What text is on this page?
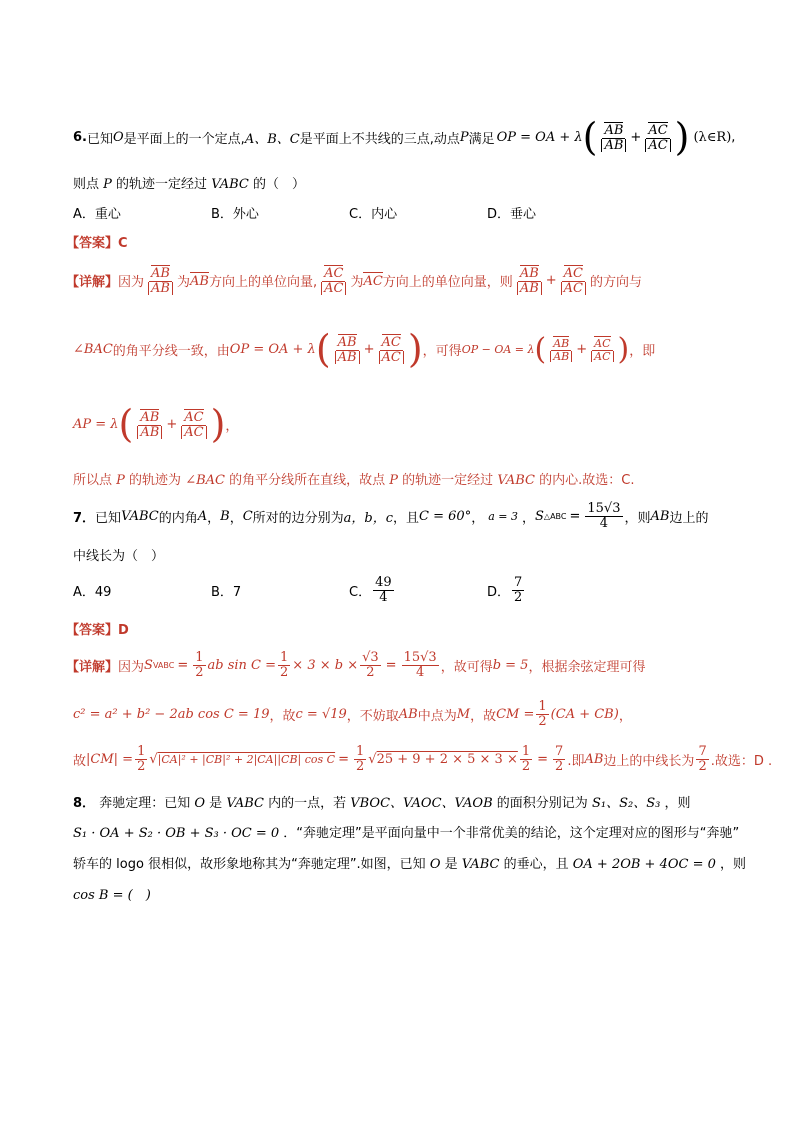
6. 已知 O 是平面上的一个定点, A、B、C 是平面上不共线的三点,动点 P 满足 OP = OA + λ ( $\frac{AB}{AB} + \frac{AC}{AC}$ ) (λ∈R) ,
则点 P 的轨迹一定经过 VABC 的（　）
A．重心	B．外心	C．内心	D．垂心
【答案】C
【详解】 因为 $\frac{AB}{AB}$ 为 AB 方向上的单位向量, $\frac{AC}{AC}$ 为 AC 方向上的单位向量，则 $\frac{AB}{AB} + \frac{AC}{AC}$ 的方向与
∠BAC 的角平分线一致，由 OP = OA + λ ( $\frac{AB}{AB} + \frac{AC}{AC}$ ) ，可得 OP − OA = λ ( $\frac{AB}{AB} + \frac{AC}{AC}$ ) ，即
AP = λ ( $\frac{AB}{AB} + \frac{AC}{AC}$ ) ，
所以点 P 的轨迹为 ∠BAC 的角平分线所在直线，故点 P 的轨迹一定经过 VABC 的内心.故选：C.
7． 已知 VABC 的内角 A ， B ， C 所对的边分别为 a，b，c ，且 C = 60° ， a = 3 ， S △ABC = $\frac{15√3}{4}$ ，则 AB 边上的
中线长为（　）
A．49	B．7	C． $\frac{49}{4}$	D． $\frac{7}{2}$
【答案】D
【详解】 因为 S VABC = $\frac{1}{2}$ ab $\sin C = \frac{1}{2} \times 3 \times b \times \frac{√3}{2} = \frac{15√3}{4}$ ，故可得 b = 5 ，根据余弦定理可得
c² = a² + b² − 2ab cos C = 19 ，故 c = √19 ，不妨取 AB 中点为 M ，故 CM = $\frac{1}{2} (CA + CB)$ ，
故 $|CM| = \frac{1}{2}$ √ |CA|² + |CB|² + 2|CA||CB| $\cos C = \frac{1}{2}$ √ $25 + 9 + 2 \times 5 \times 3 \times \frac{1}{2} = \frac{7}{2}$ .即 AB 边上的中线长为 $\frac{7}{2}$ .故选：D .
8． 奔驰定理：已知 O 是 VABC 内的一点，若 VBOC、VAOC、VAOB 的面积分别记为 S₁、S₂、S₃ ，则
S₁ · OA + S₂ · OB + S₃ · OC = 0 ．“奔驰定理”是平面向量中一个非常优美的结论，这个定理对应的图形与“奔驰”
轿车的 logo 很相似，故形象地称其为“奔驰定理”.如图，已知 O 是 VABC 的垂心，且 OA + 2OB + 4OC = 0 ，则
cos B = (　)
